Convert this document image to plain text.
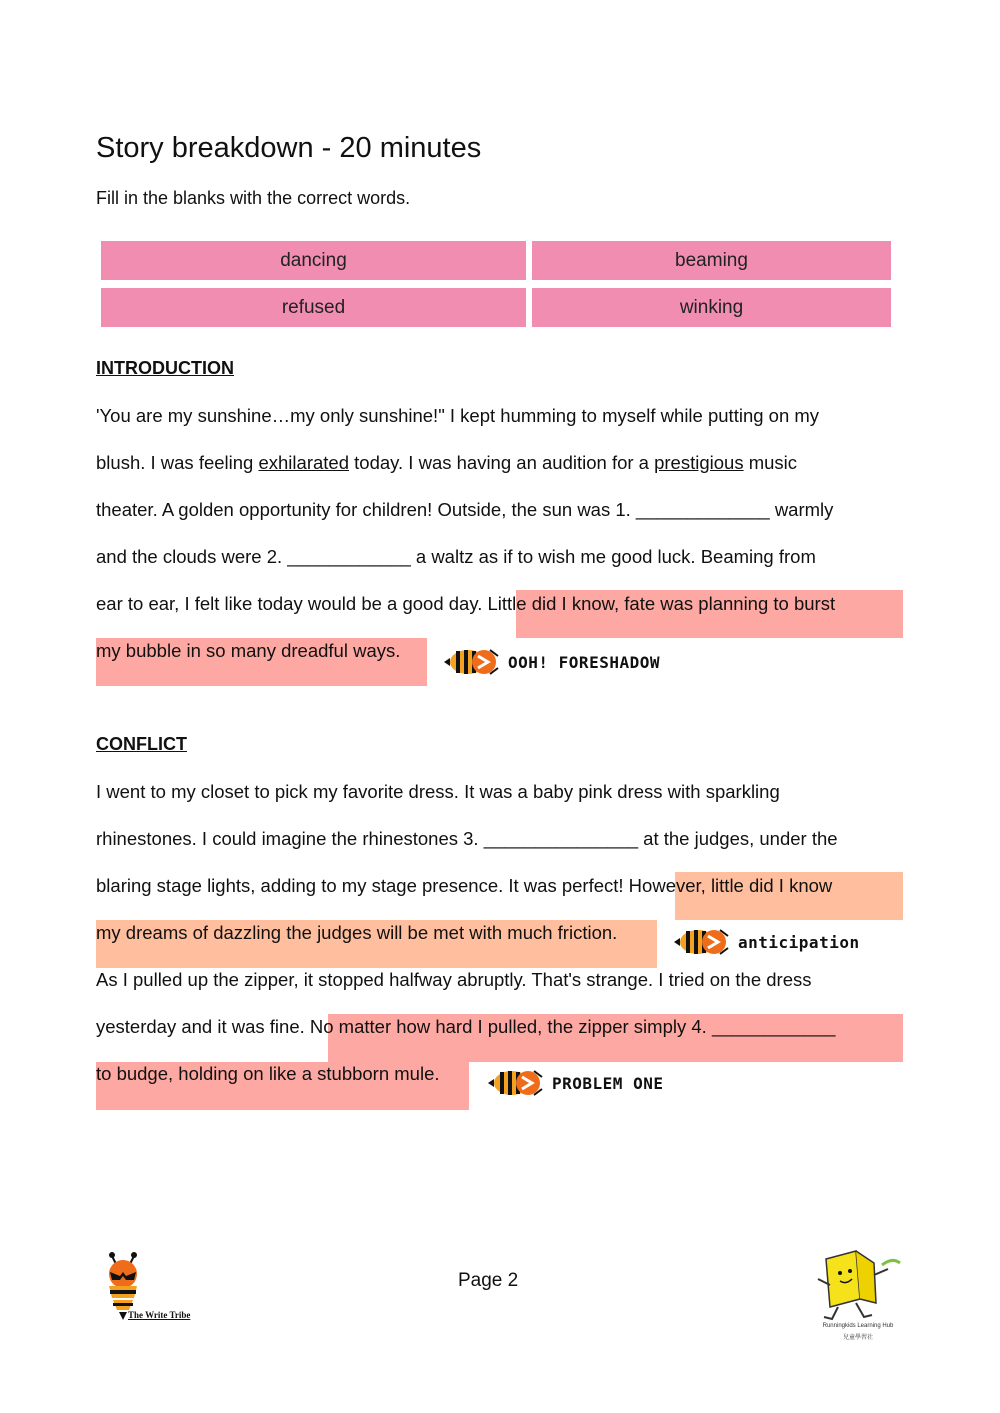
Story breakdown - 20 minutes
Fill in the blanks with the correct words.
dancing	beaming
refused	winking
INTRODUCTION
'You are my sunshine…my only sunshine!" I kept humming to myself while putting on my
blush. I was feeling exhilarated today. I was having an audition for a prestigious music
theater. A golden opportunity for children! Outside, the sun was 1. _____________ warmly
and the clouds were 2. ____________ a waltz as if to wish me good luck. Beaming from
ear to ear, I felt like today would be a good day. Little did I know, fate was planning to burst
my bubble in so many dreadful ways.
OOH! FORESHADOW
CONFLICT
I went to my closet to pick my favorite dress. It was a baby pink dress with sparkling
rhinestones. I could imagine the rhinestones 3. _______________ at the judges, under the
blaring stage lights, adding to my stage presence. It was perfect! However, little did I know
my dreams of dazzling the judges will be met with much friction.
As I pulled up the zipper, it stopped halfway abruptly. That's strange. I tried on the dress
yesterday and it was fine. No matter how hard I pulled, the zipper simply 4. ____________
to budge, holding on like a stubborn mule.
anticipation
PROBLEM ONE
The Write Tribe
Page 2
Runningkids Learning Hub
兒童學習社
